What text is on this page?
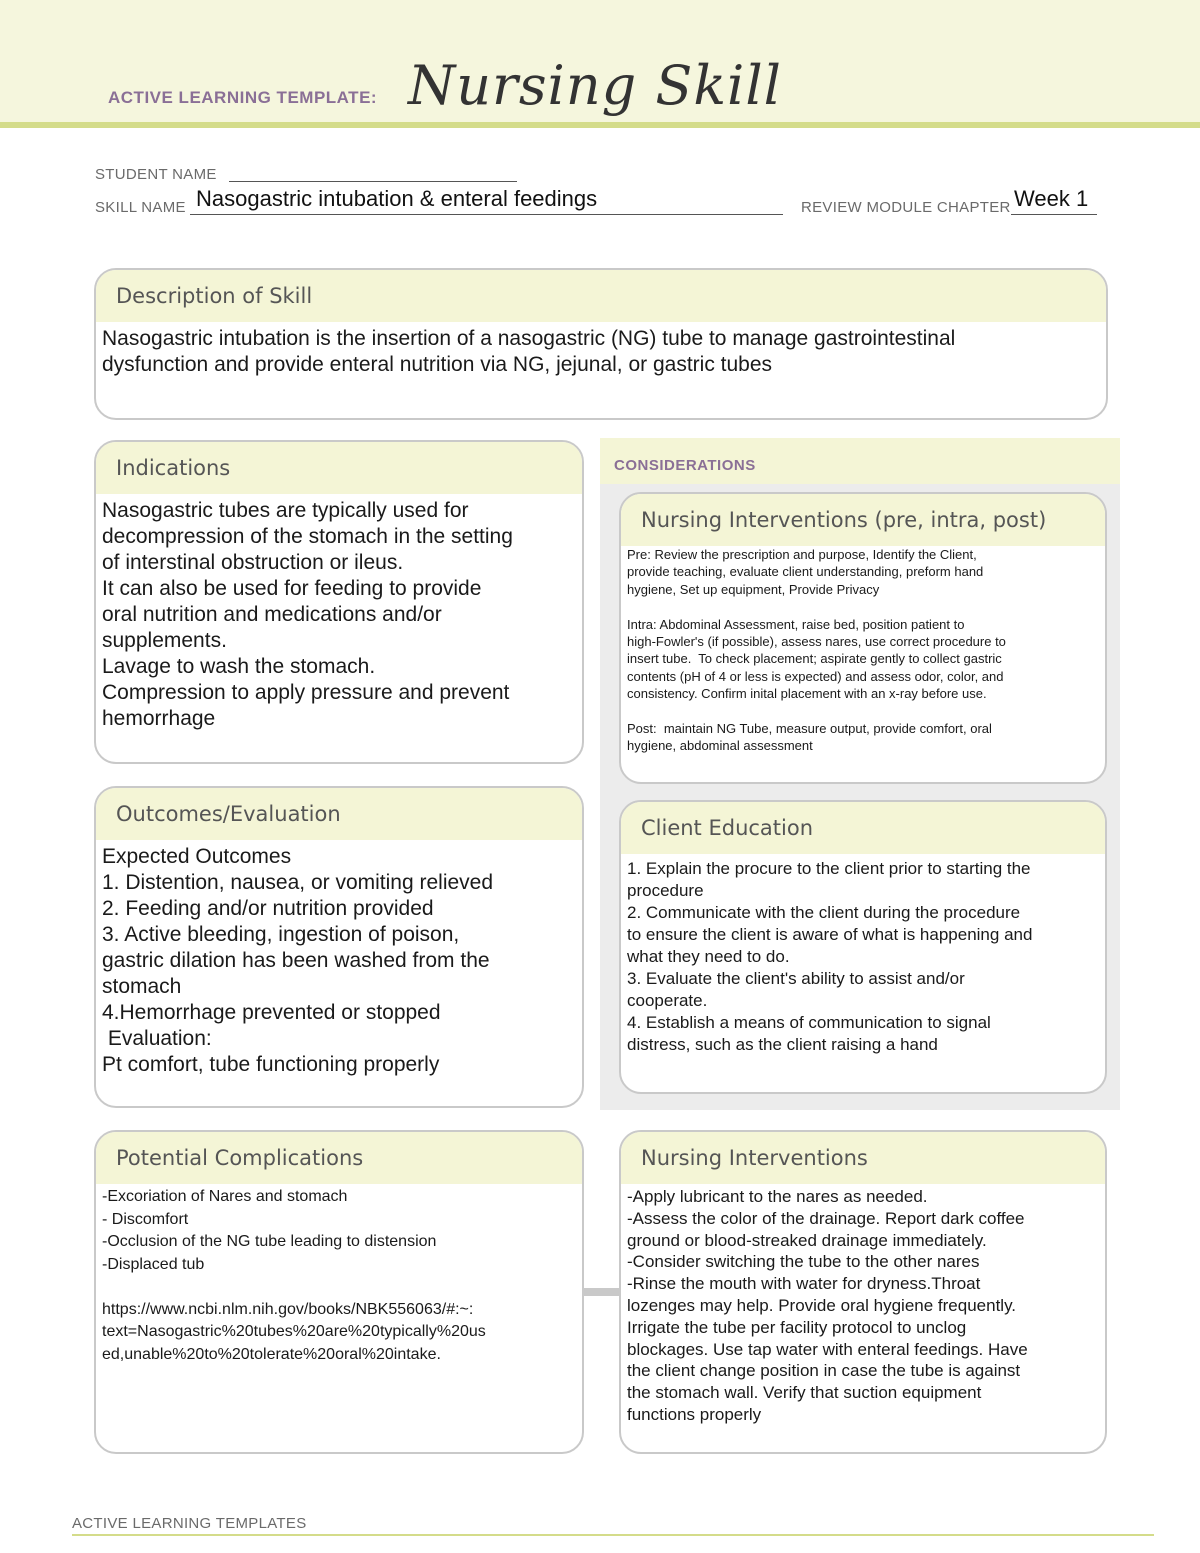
ACTIVE LEARNING TEMPLATE: Nursing Skill
STUDENT NAME
SKILL NAME Nasogastric intubation & enteral feedings	REVIEW MODULE CHAPTER Week 1
Description of Skill
Nasogastric intubation is the insertion of a nasogastric (NG) tube to manage gastrointestinal
dysfunction and provide enteral nutrition via NG, jejunal, or gastric tubes
CONSIDERATIONS
Indications
Nasogastric tubes are typically used for
decompression of the stomach in the setting
of interstinal obstruction or ileus.
It can also be used for feeding to provide
oral nutrition and medications and/or
supplements.
Lavage to wash the stomach.
Compression to apply pressure and prevent
hemorrhage
Nursing Interventions (pre, intra, post)
Pre: Review the prescription and purpose, Identify the Client,
provide teaching, evaluate client understanding, preform hand
hygiene, Set up equipment, Provide Privacy

Intra: Abdominal Assessment, raise bed, position patient to
high-Fowler's (if possible), assess nares, use correct procedure to
insert tube.  To check placement; aspirate gently to collect gastric
contents (pH of 4 or less is expected) and assess odor, color, and
consistency. Confirm inital placement with an x-ray before use.

Post:  maintain NG Tube, measure output, provide comfort, oral
hygiene, abdominal assessment
Outcomes/Evaluation
Expected Outcomes
1. Distention, nausea, or vomiting relieved
2. Feeding and/or nutrition provided
3. Active bleeding, ingestion of poison,
gastric dilation has been washed from the
stomach
4.Hemorrhage prevented or stopped
Evaluation:
Pt comfort, tube functioning properly
Client Education
1. Explain the procure to the client prior to starting the
procedure
2. Communicate with the client during the procedure
to ensure the client is aware of what is happening and
what they need to do.
3. Evaluate the client's ability to assist and/or
cooperate.
4. Establish a means of communication to signal
distress, such as the client raising a hand
Potential Complications
-Excoriation of Nares and stomach
- Discomfort
-Occlusion of the NG tube leading to distension
-Displaced tub

https://www.ncbi.nlm.nih.gov/books/NBK556063/#:~:
text=Nasogastric%20tubes%20are%20typically%20us
ed,unable%20to%20tolerate%20oral%20intake.
Nursing Interventions
-Apply lubricant to the nares as needed.
-Assess the color of the drainage. Report dark coffee
ground or blood-streaked drainage immediately.
-Consider switching the tube to the other nares
-Rinse the mouth with water for dryness.Throat
lozenges may help. Provide oral hygiene frequently.
Irrigate the tube per facility protocol to unclog
blockages. Use tap water with enteral feedings. Have
the client change position in case the tube is against
the stomach wall. Verify that suction equipment
functions properly
ACTIVE LEARNING TEMPLATES
